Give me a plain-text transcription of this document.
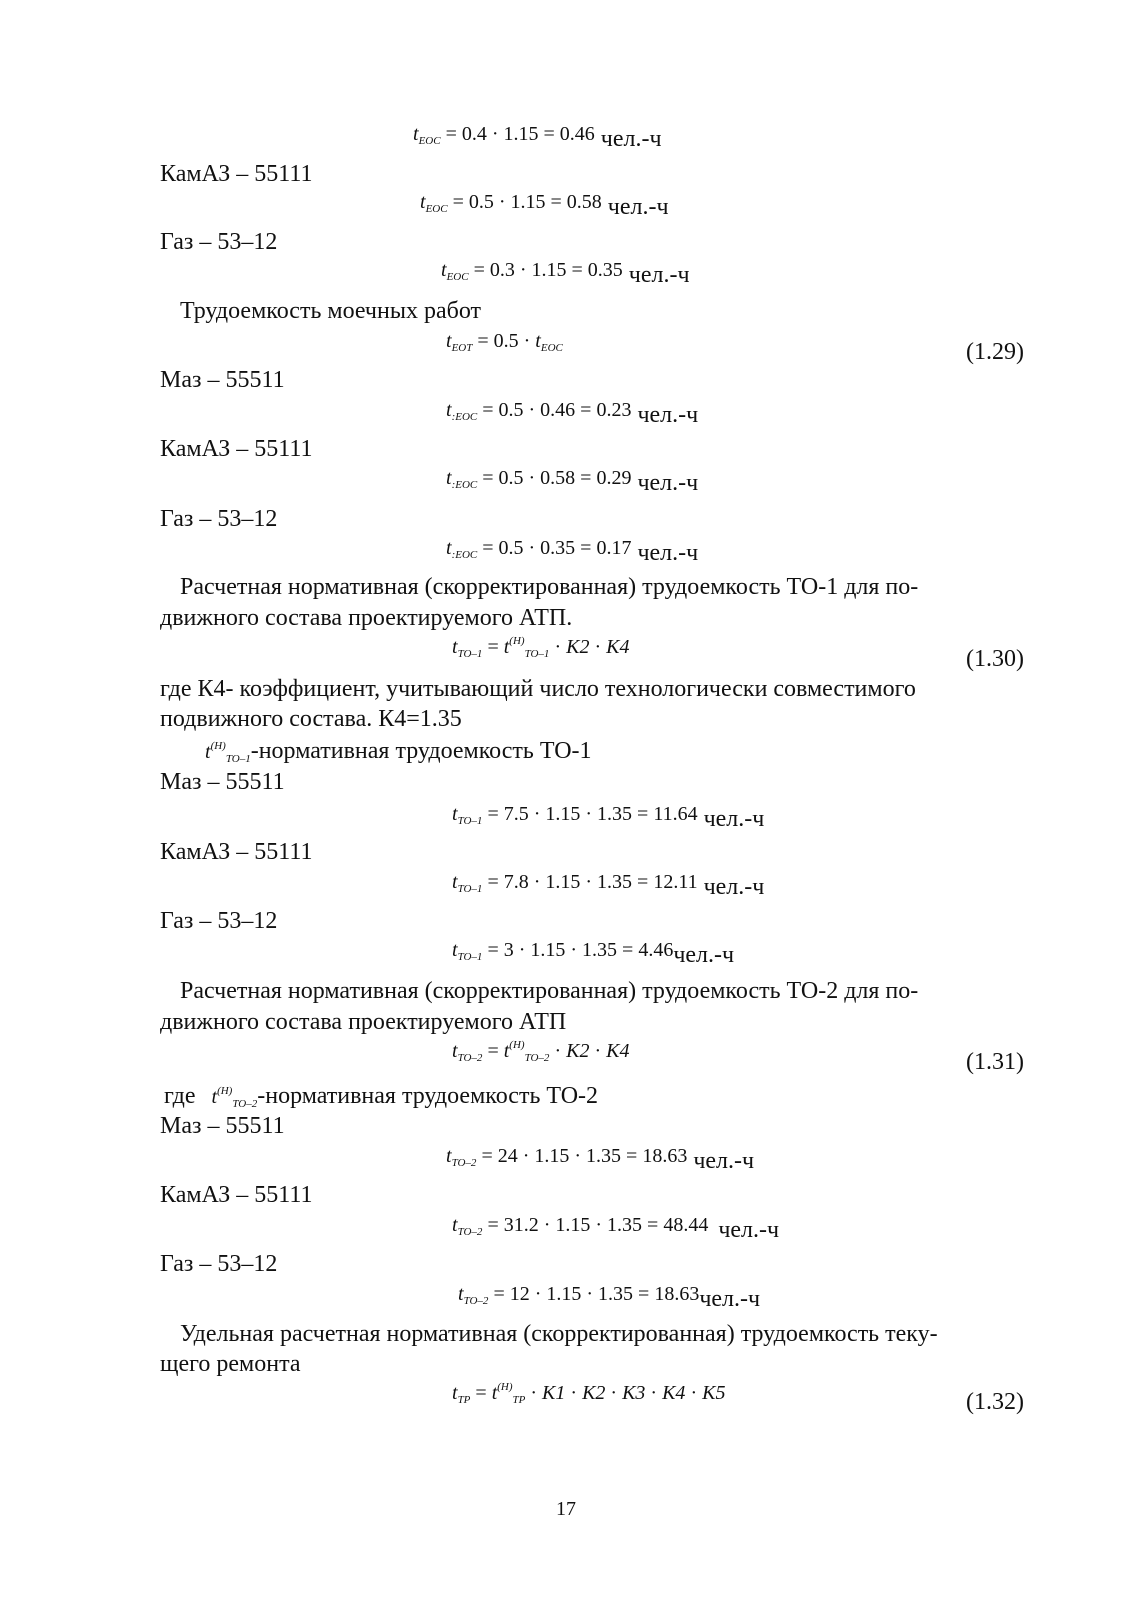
$t_{EOC} = 0.4 \cdot 1.15 = 0.46$ чел.-ч
КамАЗ – 55111
$t_{EOC} = 0.5 \cdot 1.15 = 0.58$ чел.-ч
Газ – 53–12
$t_{EOC} = 0.3 \cdot 1.15 = 0.35$ чел.-ч
Трудоемкость моечных работ
$t_{EOT} = 0.5 \cdot t_{EOC}$	(1.29)
Маз – 55511
$t_{:EOC} = 0.5 \cdot 0.46 = 0.23$ чел.-ч
КамАЗ – 55111
$t_{:EOC} = 0.5 \cdot 0.58 = 0.29$ чел.-ч
Газ – 53–12
$t_{:EOC} = 0.5 \cdot 0.35 = 0.17$ чел.-ч
Расчетная нормативная (скорректированная) трудоемкость ТО-1 для по-
движного состава проектируемого АТП.
$t_{TO-1} = t^{(H)}_{TO-1} \cdot K2 \cdot K4$	(1.30)
где К4- коэффициент, учитывающий число технологически совместимого
подвижного состава. К4=1.35
$t^{(H)}_{TO-1}$-нормативная трудоемкость ТО-1
Маз – 55511
$t_{TO-1} = 7.5 \cdot 1.15 \cdot 1.35 = 11.64$ чел.-ч
КамАЗ – 55111
$t_{TO-1} = 7.8 \cdot 1.15 \cdot 1.35 = 12.11$ чел.-ч
Газ – 53–12
$t_{TO-1} = 3 \cdot 1.15 \cdot 1.35 = 4.46чел.-ч$
Расчетная нормативная (скорректированная) трудоемкость ТО-2 для по-
движного состава проектируемого АТП
$t_{TO-2} = t^{(H)}_{TO-2} \cdot K2 \cdot K4$	(1.31)
где $t^{(H)}_{TO-2}$-нормативная трудоемкость ТО-2
Маз – 55511
$t_{TO-2} = 24 \cdot 1.15 \cdot 1.35 = 18.63$ чел.-ч
КамАЗ – 55111
$t_{TO-2} = 31.2 \cdot 1.15 \cdot 1.35 = 48.44$ чел.-ч
Газ – 53–12
$t_{TO-2} = 12 \cdot 1.15 \cdot 1.35 = 18.63чел.-ч$
Удельная расчетная нормативная (скорректированная) трудоемкость теку-
щего ремонта
$t_{TP} = t^{(H)}_{TP} \cdot K1 \cdot K2 \cdot K3 \cdot K4 \cdot K5$	(1.32)
17
